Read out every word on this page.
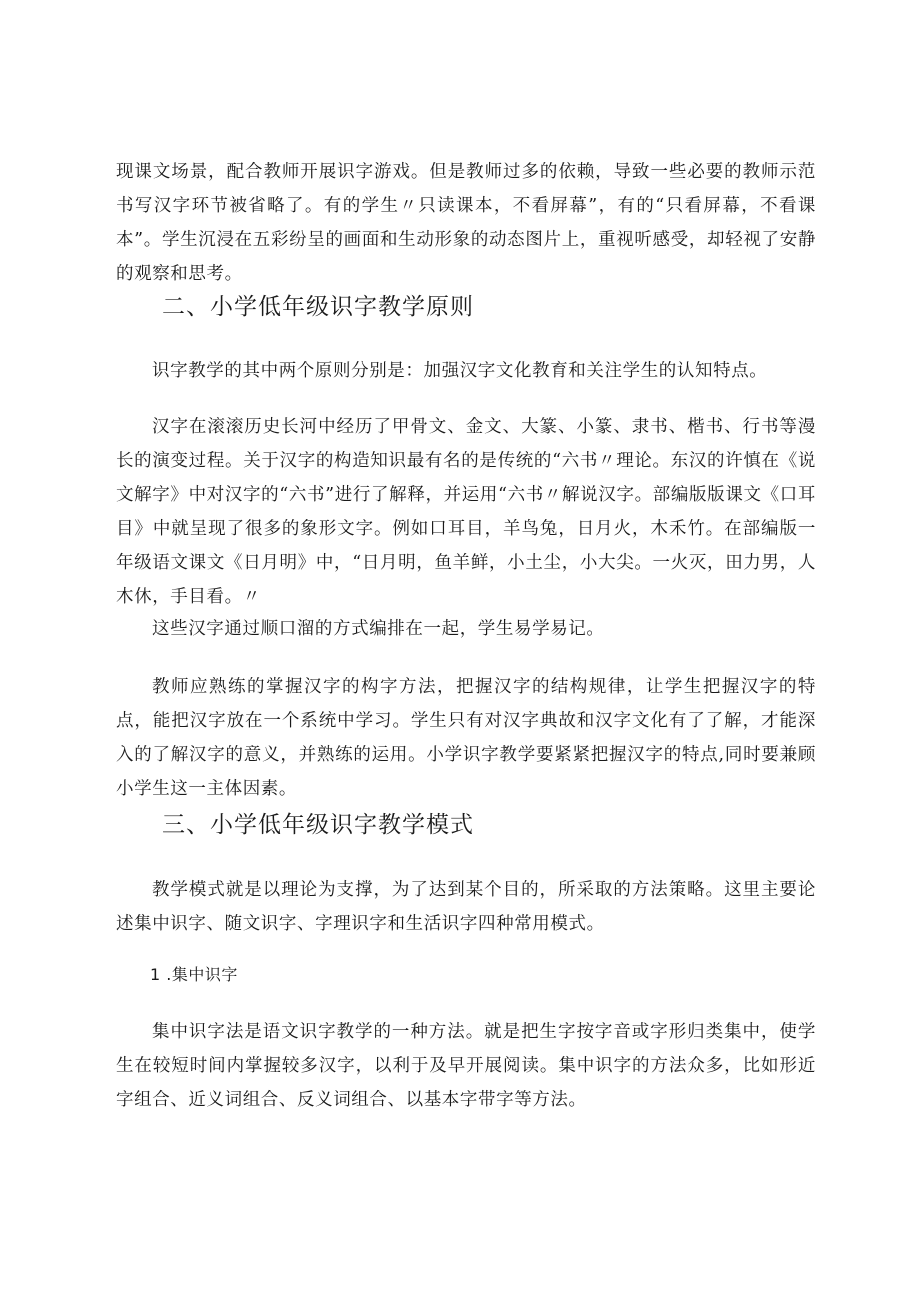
现课文场景，配合教师开展识字游戏。但是教师过多的依赖，导致一些必要的教师示范书写汉字环节被省略了。有的学生〃只读课本，不看屏幕”，有的“只看屏幕，不看课本”。学生沉浸在五彩纷呈的画面和生动形象的动态图片上，重视听感受，却轻视了安静的观察和思考。

二、小学低年级识字教学原则

识字教学的其中两个原则分别是：加强汉字文化教育和关注学生的认知特点。

汉字在滚滚历史长河中经历了甲骨文、金文、大篆、小篆、隶书、楷书、行书等漫长的演变过程。关于汉字的构造知识最有名的是传统的“六书〃理论。东汉的许慎在《说文解字》中对汉字的“六书”进行了解释，并运用“六书〃解说汉字。部编版版课文《口耳目》中就呈现了很多的象形文字。例如口耳目，羊鸟兔，日月火，木禾竹。在部编版一年级语文课文《日月明》中，“日月明，鱼羊鲜，小土尘，小大尖。一火灭，田力男，人木休，手目看。〃

这些汉字通过顺口溜的方式编排在一起，学生易学易记。

教师应熟练的掌握汉字的构字方法，把握汉字的结构规律，让学生把握汉字的特点，能把汉字放在一个系统中学习。学生只有对汉字典故和汉字文化有了了解，才能深入的了解汉字的意义，并熟练的运用。小学识字教学要紧紧把握汉字的特点,同时要兼顾小学生这一主体因素。

三、小学低年级识字教学模式

教学模式就是以理论为支撑，为了达到某个目的，所采取的方法策略。这里主要论述集中识字、随文识字、字理识字和生活识字四种常用模式。

1 .集中识字

集中识字法是语文识字教学的一种方法。就是把生字按字音或字形归类集中，使学生在较短时间内掌握较多汉字，以利于及早开展阅读。集中识字的方法众多，比如形近字组合、近义词组合、反义词组合、以基本字带字等方法。
